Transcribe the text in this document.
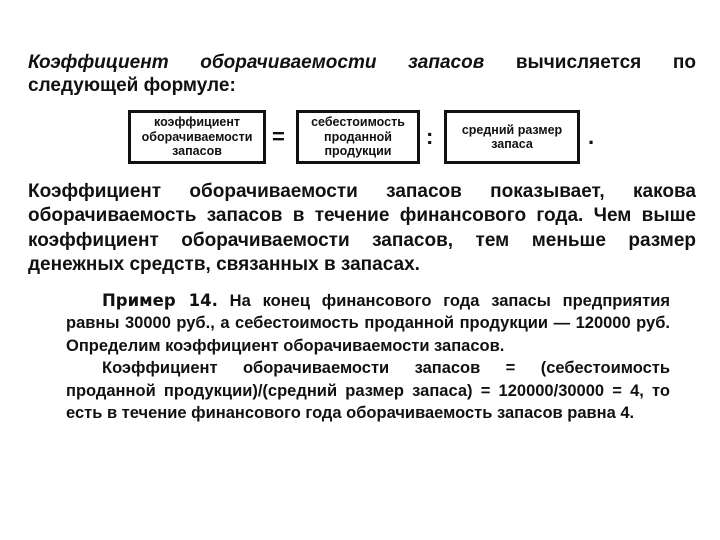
Коэффициент оборачиваемости запасов вычисляется по следующей формуле:

коэффициент оборачиваемости запасов
=
себестоимость проданной продукции
:	средний размер запаса	.

Коэффициент оборачиваемости запасов показывает, какова оборачиваемость запасов в течение финансового года. Чем выше коэффициент оборачиваемости запасов, тем меньше размер денежных средств, связанных в запасах.

Пример 14. На конец финансового года запасы предприятия равны 30000 руб., а себестоимость проданной продукции — 120000 руб. Определим коэффициент оборачиваемости запасов.
Коэффициент оборачиваемости запасов = (себестоимость проданной продукции)/(средний размер запаса) = 120000/30000 = 4, то есть в течение финансового года оборачиваемость запасов равна 4.
